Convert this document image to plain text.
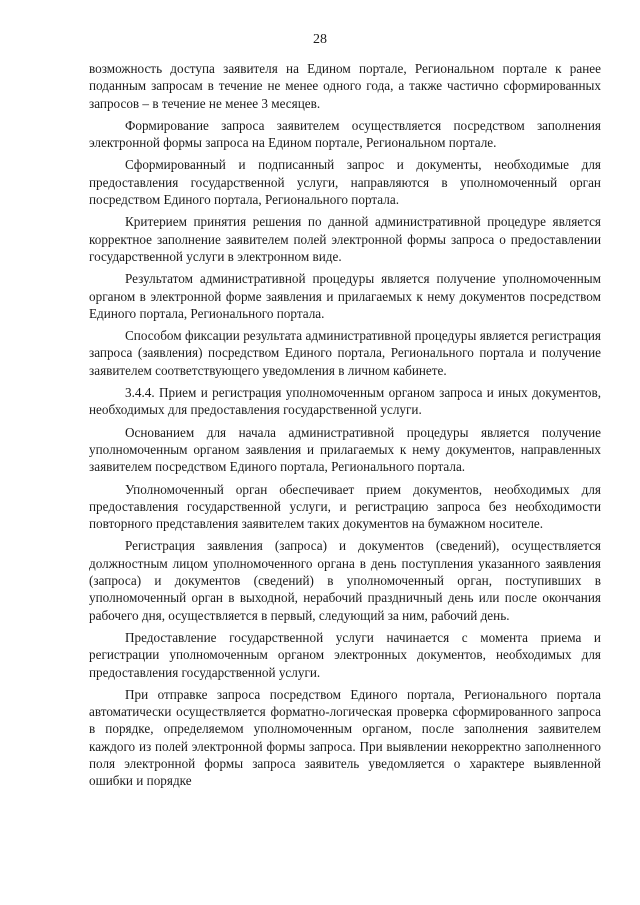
28

возможность доступа заявителя на Едином портале, Региональном портале к ранее поданным запросам в течение не менее одного года, а также частично сформированных запросов – в течение не менее 3 месяцев.

Формирование запроса заявителем осуществляется посредством заполнения электронной формы запроса на Едином портале, Региональном портале.

Сформированный и подписанный запрос и документы, необходимые для предоставления государственной услуги, направляются в уполномоченный орган посредством Единого портала, Регионального портала.

Критерием принятия решения по данной административной процедуре является корректное заполнение заявителем полей электронной формы запроса о предоставлении государственной услуги в электронном виде.

Результатом административной процедуры является получение уполномоченным органом в электронной форме заявления и прилагаемых к нему документов посредством Единого портала, Регионального портала.

Способом фиксации результата административной процедуры является регистрация запроса (заявления) посредством Единого портала, Регионального портала и получение заявителем соответствующего уведомления в личном кабинете.

3.4.4. Прием и регистрация уполномоченным органом запроса и иных документов, необходимых для предоставления государственной услуги.

Основанием для начала административной процедуры является получение уполномоченным органом заявления и прилагаемых к нему документов, направленных заявителем посредством Единого портала, Регионального портала.

Уполномоченный орган обеспечивает прием документов, необходимых для предоставления государственной услуги, и регистрацию запроса без необходимости повторного представления заявителем таких документов на бумажном носителе.

Регистрация заявления (запроса) и документов (сведений), осуществляется должностным лицом уполномоченного органа в день поступления указанного заявления (запроса) и документов (сведений) в уполномоченный орган, поступивших в уполномоченный орган в выходной, нерабочий праздничный день или после окончания рабочего дня, осуществляется в первый, следующий за ним, рабочий день.

Предоставление государственной услуги начинается с момента приема и регистрации уполномоченным органом электронных документов, необходимых для предоставления государственной услуги.

При отправке запроса посредством Единого портала, Регионального портала автоматически осуществляется форматно-логическая проверка сформированного запроса в порядке, определяемом уполномоченным органом, после заполнения заявителем каждого из полей электронной формы запроса. При выявлении некорректно заполненного поля электронной формы запроса заявитель уведомляется о характере выявленной ошибки и порядке
